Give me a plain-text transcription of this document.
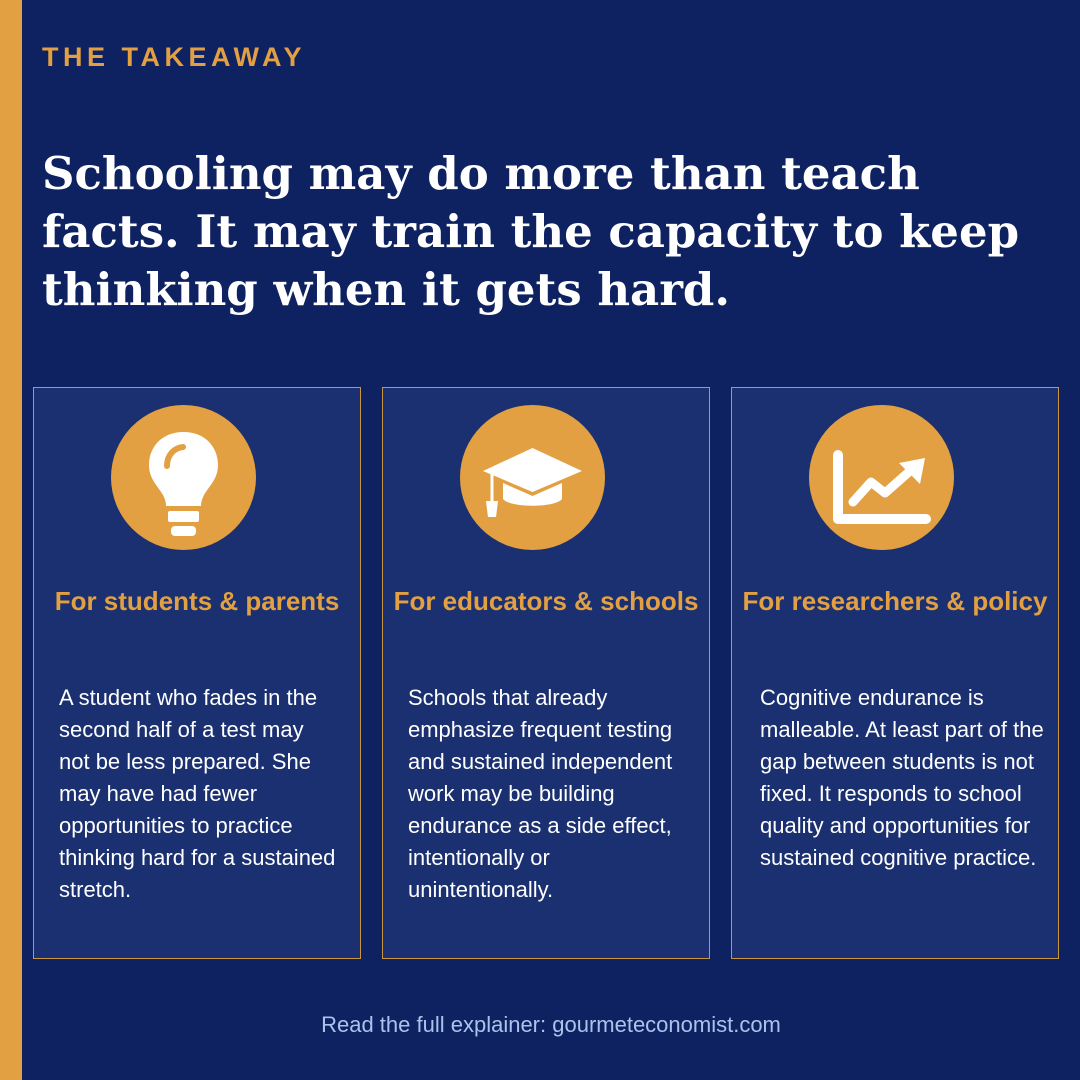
THE TAKEAWAY
Schooling may do more than teach facts. It may train the capacity to keep thinking when it gets hard.
For students & parents
A student who fades in the second half of a test may not be less prepared. She may have had fewer opportunities to practice thinking hard for a sustained stretch.
For educators & schools
Schools that already emphasize frequent testing and sustained independent work may be building endurance as a side effect, intentionally or unintentionally.
For researchers & policy
Cognitive endurance is malleable. At least part of the gap between students is not fixed. It responds to school quality and opportunities for sustained cognitive practice.
Read the full explainer: gourmeteconomist.com
